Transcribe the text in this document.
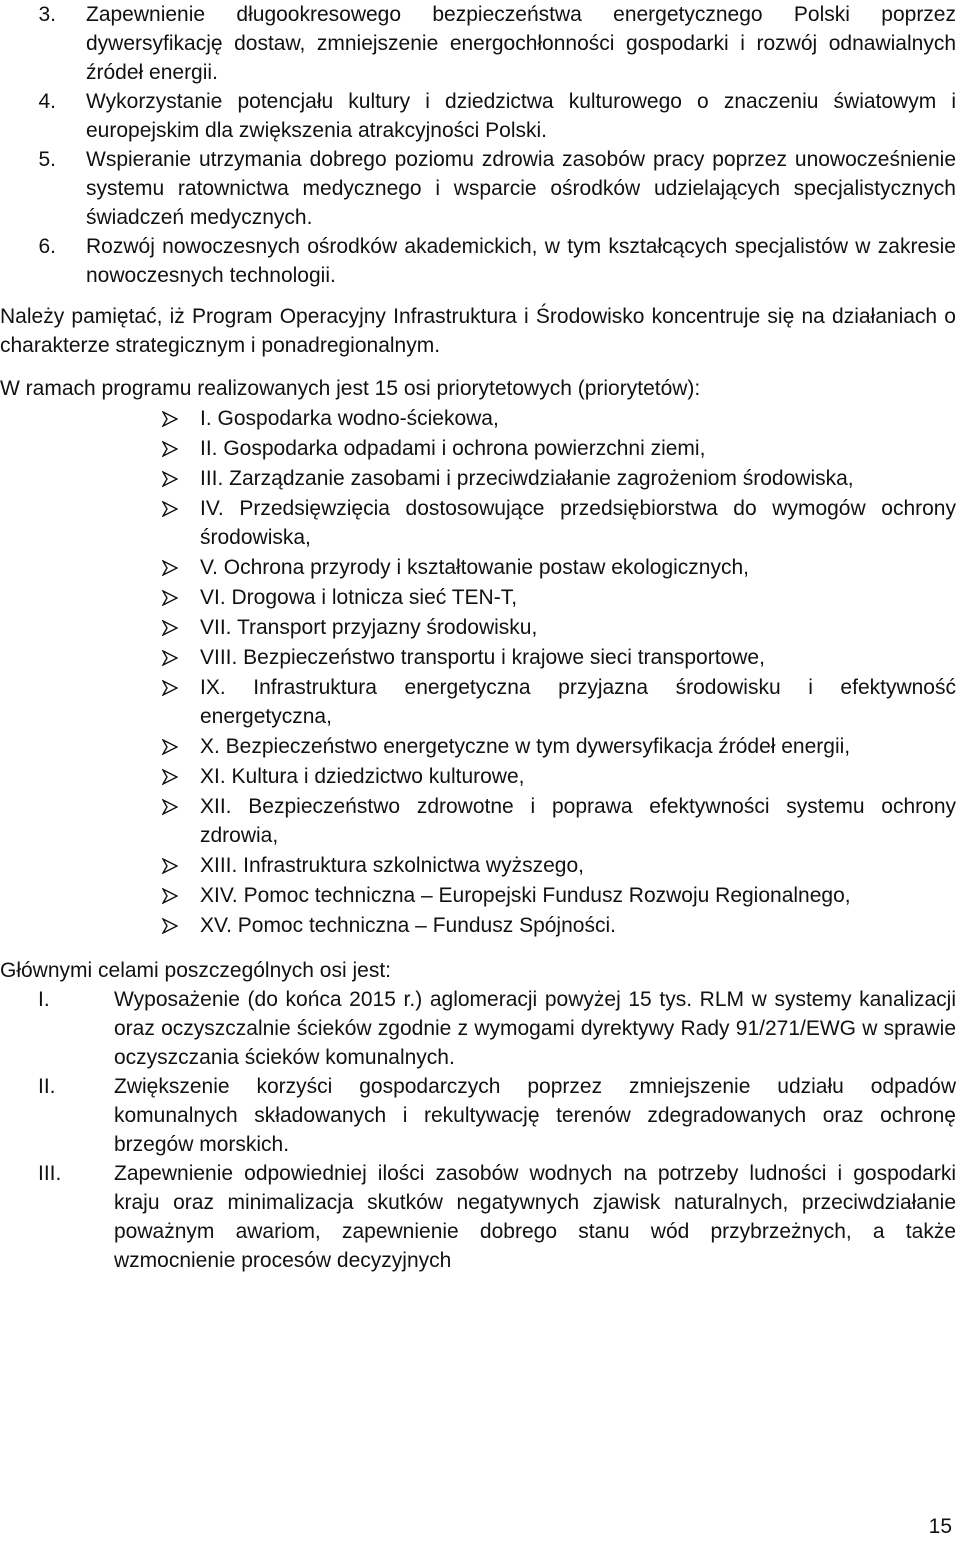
3.	Zapewnienie długookresowego bezpieczeństwa energetycznego Polski poprzez dywersyfikację dostaw, zmniejszenie energochłonności gospodarki i rozwój odnawialnych źródeł energii.
4.	Wykorzystanie potencjału kultury i dziedzictwa kulturowego o znaczeniu światowym i europejskim dla zwiększenia atrakcyjności Polski.
5.	Wspieranie utrzymania dobrego poziomu zdrowia zasobów pracy poprzez unowocześnienie systemu ratownictwa medycznego i wsparcie ośrodków udzielających specjalistycznych świadczeń medycznych.
6.	Rozwój nowoczesnych ośrodków akademickich, w tym kształcących specjalistów w zakresie nowoczesnych technologii.

Należy pamiętać, iż Program Operacyjny Infrastruktura i Środowisko koncentruje się na działaniach o charakterze strategicznym i ponadregionalnym.

W ramach programu realizowanych jest 15 osi priorytetowych (priorytetów):

I. Gospodarka wodno-ściekowa,
II. Gospodarka odpadami i ochrona powierzchni ziemi,
III. Zarządzanie zasobami i przeciwdziałanie zagrożeniom środowiska,
IV. Przedsięwzięcia dostosowujące przedsiębiorstwa do wymogów ochrony środowiska,
V. Ochrona przyrody i kształtowanie postaw ekologicznych,
VI. Drogowa i lotnicza sieć TEN-T,
VII. Transport przyjazny środowisku,
VIII. Bezpieczeństwo transportu i krajowe sieci transportowe,
IX. Infrastruktura energetyczna przyjazna środowisku i efektywność energetyczna,
X. Bezpieczeństwo energetyczne w tym dywersyfikacja źródeł energii,
XI. Kultura i dziedzictwo kulturowe,
XII. Bezpieczeństwo zdrowotne i poprawa efektywności systemu ochrony zdrowia,
XIII. Infrastruktura szkolnictwa wyższego,
XIV. Pomoc techniczna – Europejski Fundusz Rozwoju Regionalnego,
XV. Pomoc techniczna – Fundusz Spójności.

Głównymi celami poszczególnych osi jest:

I.	Wyposażenie (do końca 2015 r.) aglomeracji powyżej 15 tys. RLM w systemy kanalizacji oraz oczyszczalnie ścieków zgodnie z wymogami dyrektywy Rady 91/271/EWG w sprawie oczyszczania ścieków komunalnych.
II.	Zwiększenie korzyści gospodarczych poprzez zmniejszenie udziału odpadów komunalnych składowanych i rekultywację terenów zdegradowanych oraz ochronę brzegów morskich.
III.	Zapewnienie odpowiedniej ilości zasobów wodnych na potrzeby ludności i gospodarki kraju oraz minimalizacja skutków negatywnych zjawisk naturalnych, przeciwdziałanie poważnym awariom, zapewnienie dobrego stanu wód przybrzeżnych, a także wzmocnienie procesów decyzyjnych
15
